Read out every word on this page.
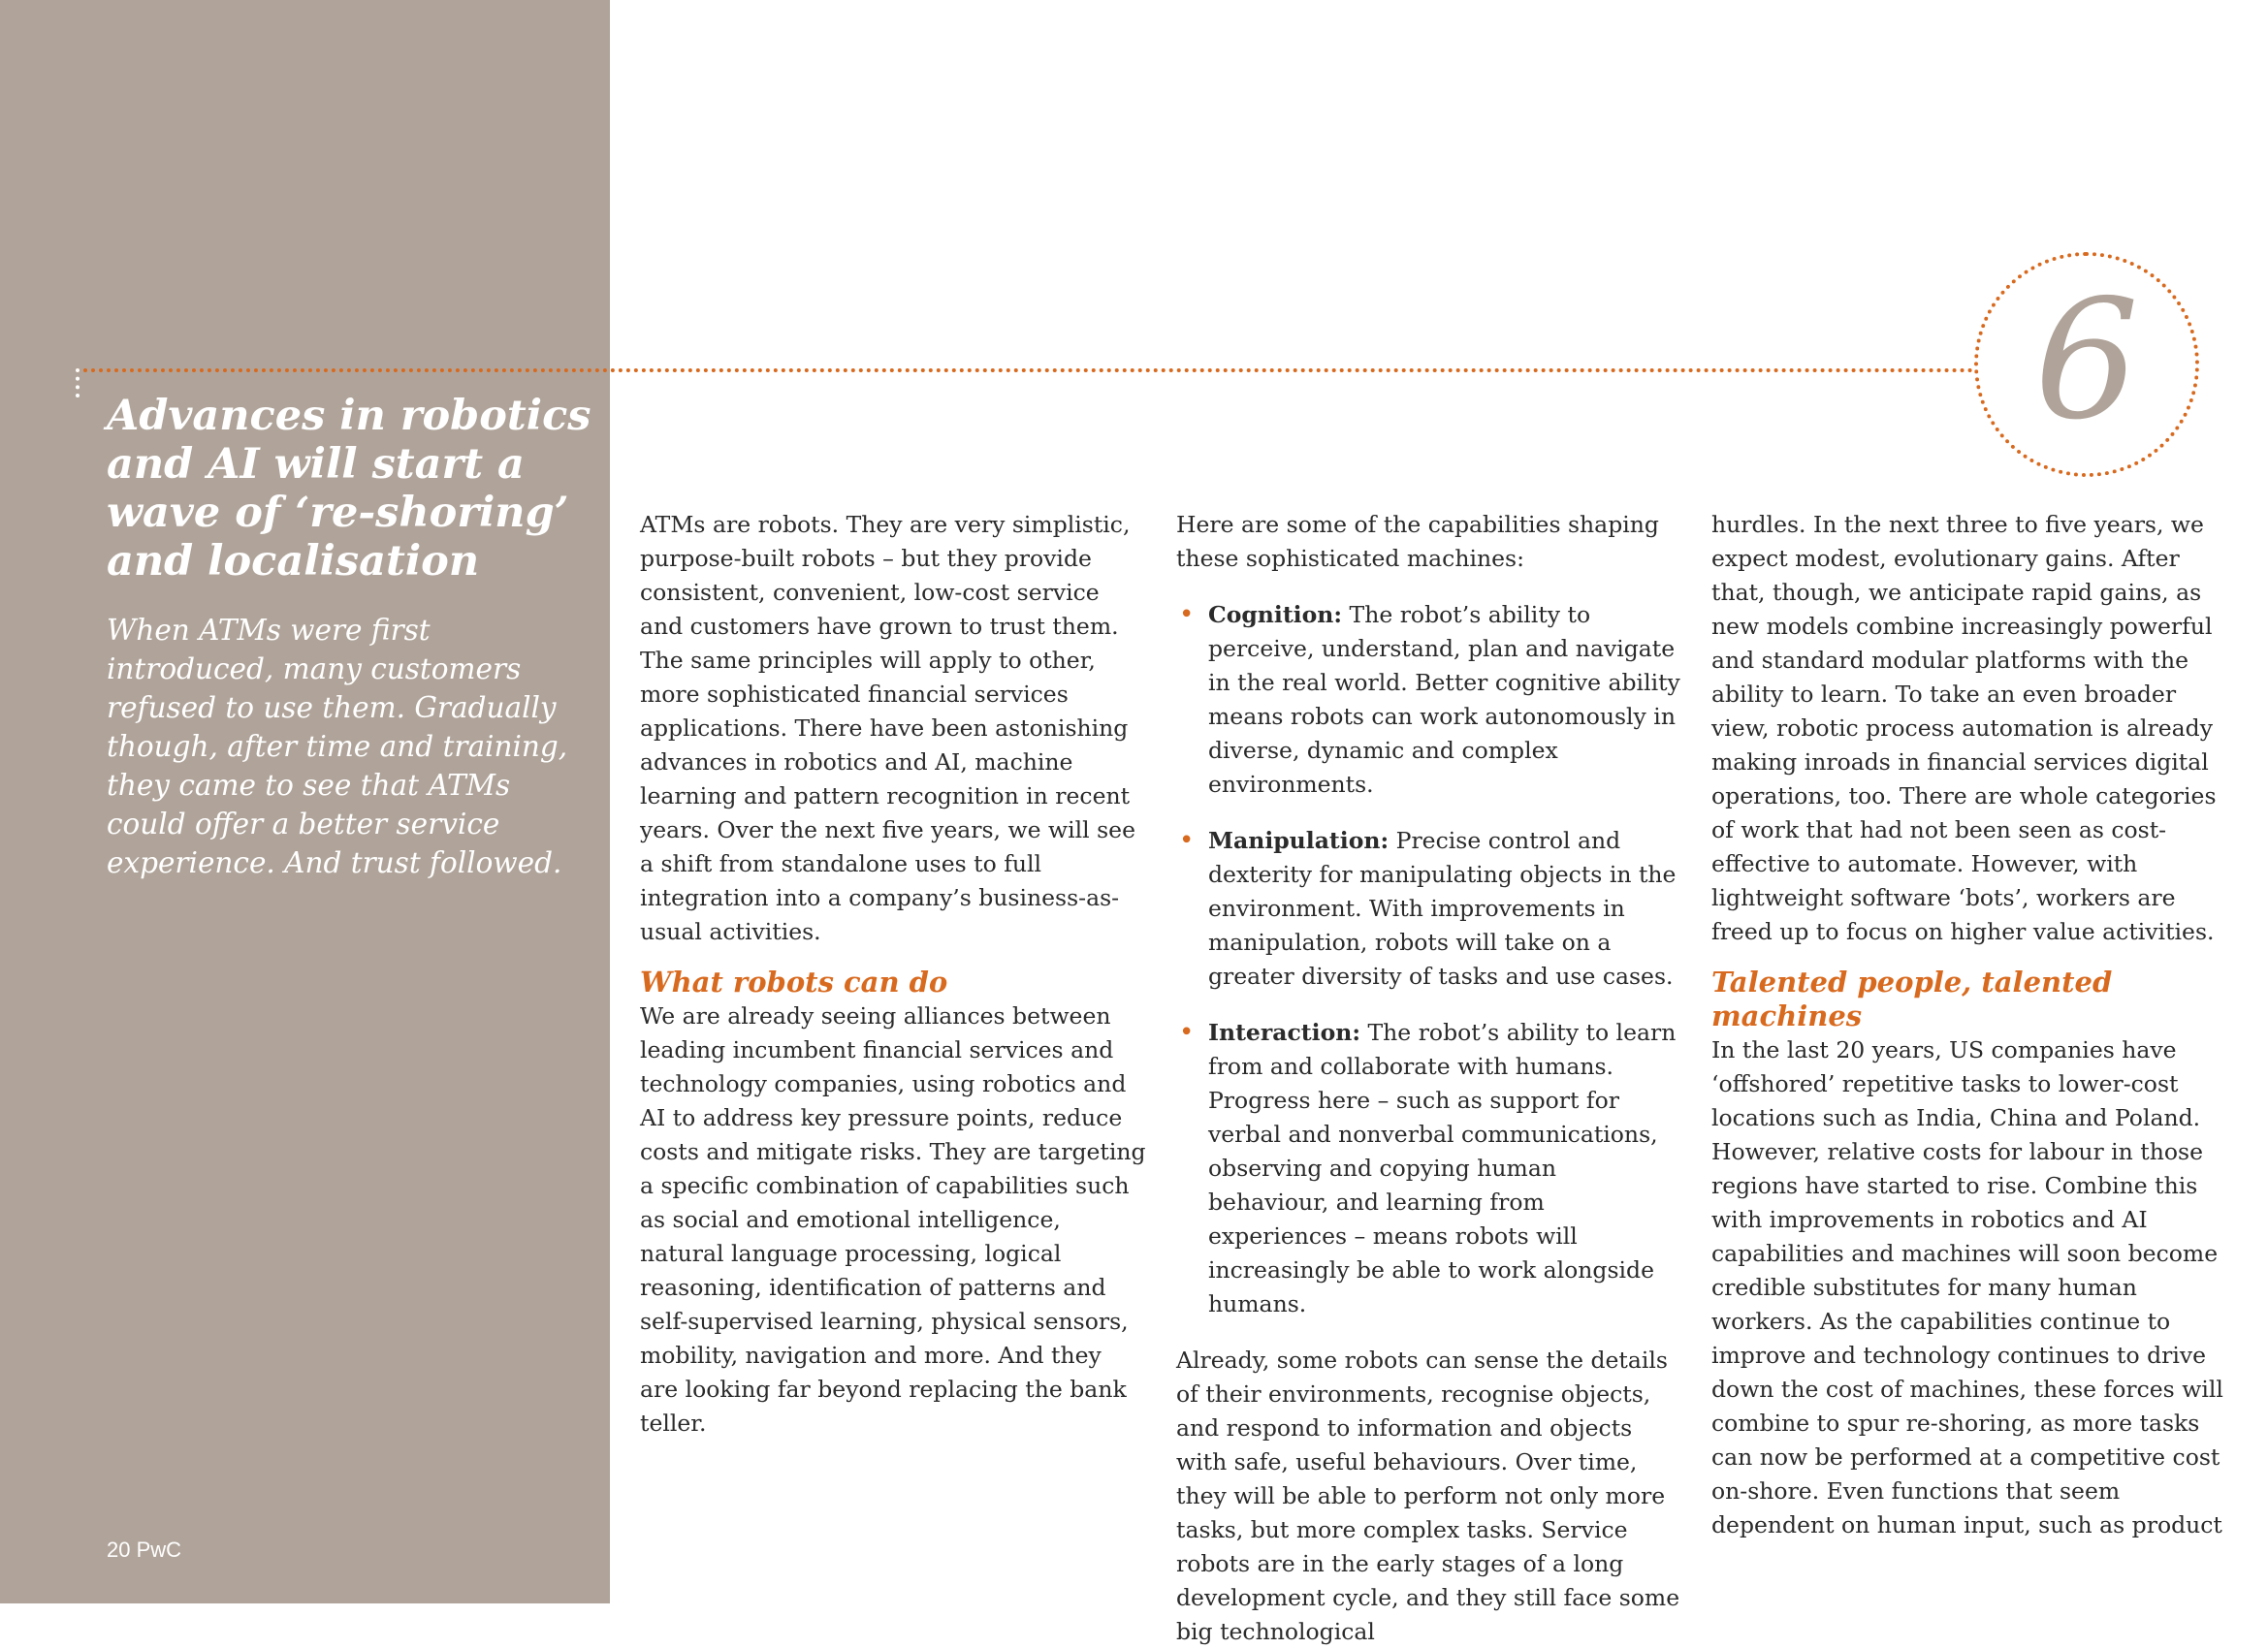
6
Advances in robotics and AI will start a wave of ‘re-shoring’ and localisation

When ATMs were first introduced, many customers refused to use them. Gradually though, after time and training, they came to see that ATMs could offer a better service experience. And trust followed.

20 PwC

ATMs are robots. They are very simplistic, purpose-built robots – but they provide consistent, convenient, low-cost service and customers have grown to trust them. The same principles will apply to other, more sophisticated financial services applications. There have been astonishing advances in robotics and AI, machine learning and pattern recognition in recent years. Over the next five years, we will see a shift from standalone uses to full integration into a company’s business-as-usual activities.

What robots can do

We are already seeing alliances between leading incumbent financial services and technology companies, using robotics and AI to address key pressure points, reduce costs and mitigate risks. They are targeting a specific combination of capabilities such as social and emotional intelligence, natural language processing, logical reasoning, identification of patterns and self-supervised learning, physical sensors, mobility, navigation and more. And they are looking far beyond replacing the bank teller.

Here are some of the capabilities shaping these sophisticated machines:

• Cognition: The robot’s ability to perceive, understand, plan and navigate in the real world. Better cognitive ability means robots can work autonomously in diverse, dynamic and complex environments.
• Manipulation: Precise control and dexterity for manipulating objects in the environment. With improvements in manipulation, robots will take on a greater diversity of tasks and use cases.
• Interaction: The robot’s ability to learn from and collaborate with humans. Progress here – such as support for verbal and nonverbal communications, observing and copying human behaviour, and learning from experiences – means robots will increasingly be able to work alongside humans.

Already, some robots can sense the details of their environments, recognise objects, and respond to information and objects with safe, useful behaviours. Over time, they will be able to perform not only more tasks, but more complex tasks. Service robots are in the early stages of a long development cycle, and they still face some big technological

hurdles. In the next three to five years, we expect modest, evolutionary gains. After that, though, we anticipate rapid gains, as new models combine increasingly powerful and standard modular platforms with the ability to learn. To take an even broader view, robotic process automation is already making inroads in financial services digital operations, too. There are whole categories of work that had not been seen as cost-effective to automate. However, with lightweight software ‘bots’, workers are freed up to focus on higher value activities.

Talented people, talented machines

In the last 20 years, US companies have ‘offshored’ repetitive tasks to lower-cost locations such as India, China and Poland. However, relative costs for labour in those regions have started to rise. Combine this with improvements in robotics and AI capabilities and machines will soon become credible substitutes for many human workers. As the capabilities continue to improve and technology continues to drive down the cost of machines, these forces will combine to spur re-shoring, as more tasks can now be performed at a competitive cost on-shore. Even functions that seem dependent on human input, such as product
